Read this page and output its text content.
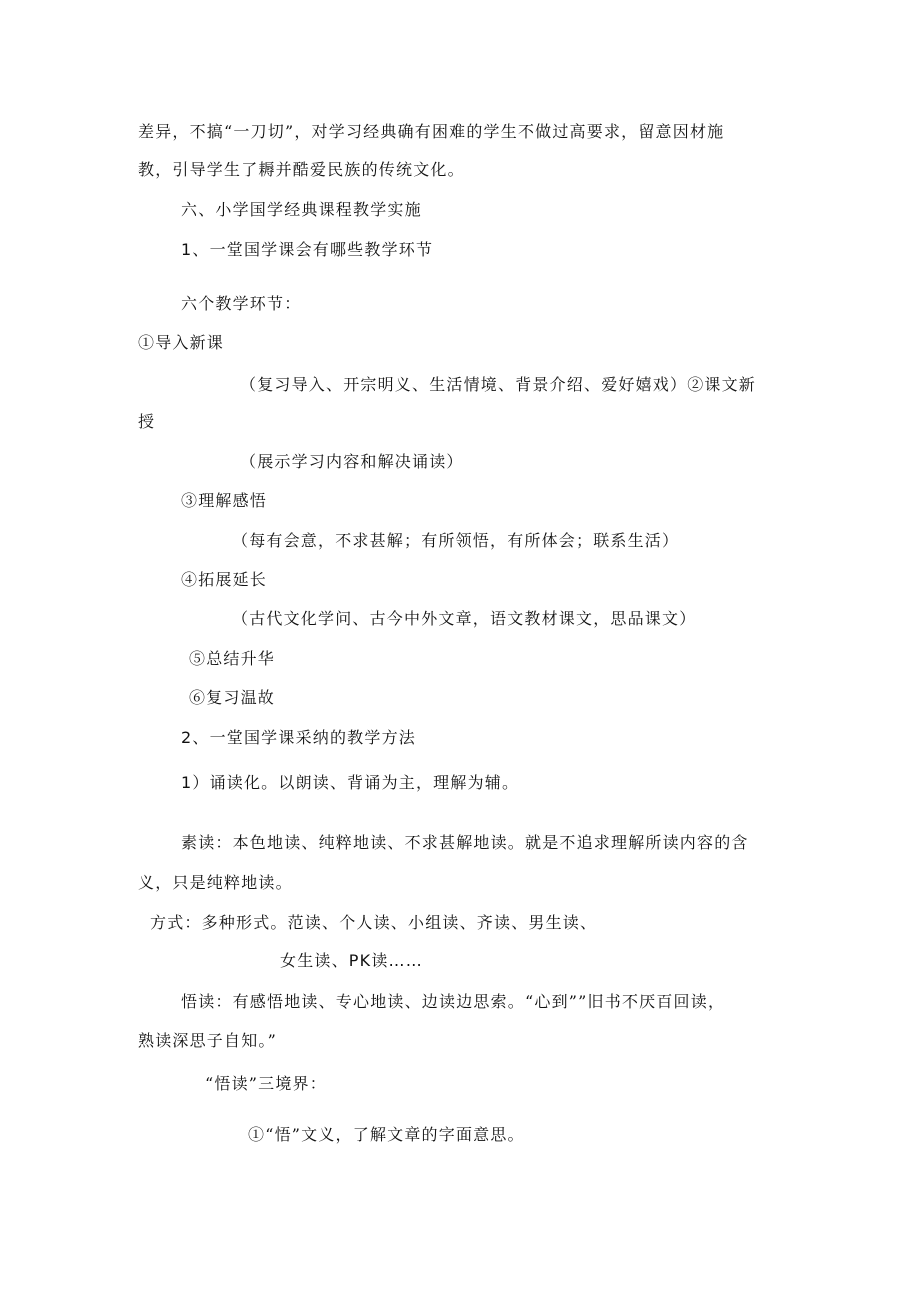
差异，不搞“一刀切”，对学习经典确有困难的学生不做过高要求，留意因材施
教，引导学生了耨并酷爱民族的传统文化。
六、小学国学经典课程教学实施
1、一堂国学课会有哪些教学环节
六个教学环节：
①导入新课
（复习导入、开宗明义、生活情境、背景介绍、爱好嬉戏）②课文新
授
（展示学习内容和解决诵读）
③理解感悟
（每有会意，不求甚解；有所领悟，有所体会；联系生活）
④拓展延长
（古代文化学问、古今中外文章，语文教材课文，思品课文）
⑤总结升华
⑥复习温故
2、一堂国学课采纳的教学方法
1）诵读化。以朗读、背诵为主，理解为辅。
素读：本色地读、纯粹地读、不求甚解地读。就是不追求理解所读内容的含
义，只是纯粹地读。
方式：多种形式。范读、个人读、小组读、齐读、男生读、
女生读、PK读……
悟读：有感悟地读、专心地读、边读边思索。“心到””旧书不厌百回读，
熟读深思子自知。”
“悟读”三境界：
①“悟”文义，了解文章的字面意思。
